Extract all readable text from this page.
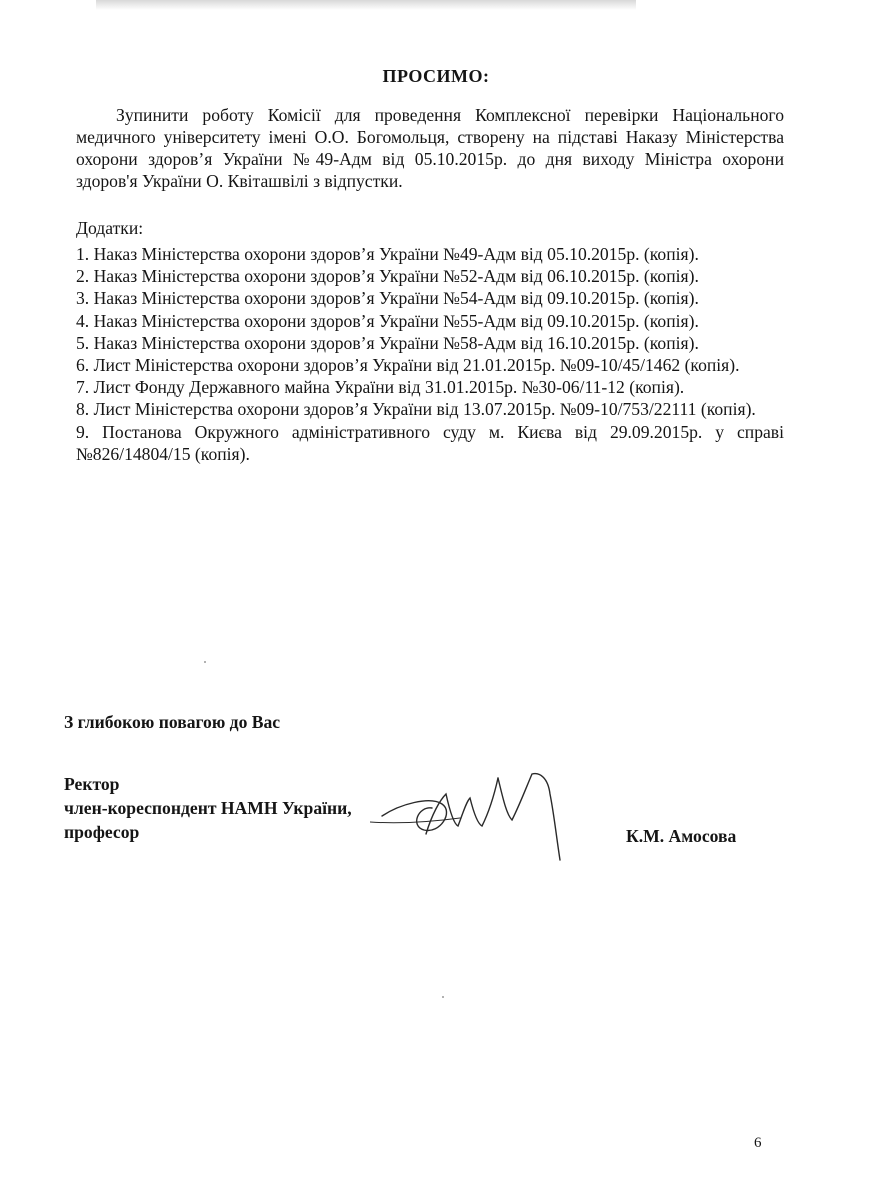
ПРОСИМО:

Зупинити роботу Комісії для проведення Комплексної перевірки Національного медичного університету імені О.О. Богомольця, створену на підставі Наказу Міністерства охорони здоров’я України №49-Адм від 05.10.2015р. до дня виходу Міністра охорони здоров'я України О. Квіташвілі з відпустки.

Додатки:
1. Наказ Міністерства охорони здоров’я України №49-Адм від 05.10.2015р. (копія).
2. Наказ Міністерства охорони здоров’я України №52-Адм від 06.10.2015р. (копія).
3. Наказ Міністерства охорони здоров’я України №54-Адм від 09.10.2015р. (копія).
4. Наказ Міністерства охорони здоров’я України №55-Адм від 09.10.2015р. (копія).
5. Наказ Міністерства охорони здоров’я України №58-Адм від 16.10.2015р. (копія).
6. Лист Міністерства охорони здоров’я України від 21.01.2015р. №09-10/45/1462 (копія).
7. Лист Фонду Державного майна України від 31.01.2015р. №30-06/11-12 (копія).
8. Лист Міністерства охорони здоров’я України від 13.07.2015р. №09-10/753/22111 (копія).
9. Постанова Окружного адміністративного суду м. Києва від 29.09.2015р. у справі №826/14804/15 (копія).
З глибокою повагою до Вас
Ректор
член-кореспондент НАМН України,
професор	К.М. Амосова
6
